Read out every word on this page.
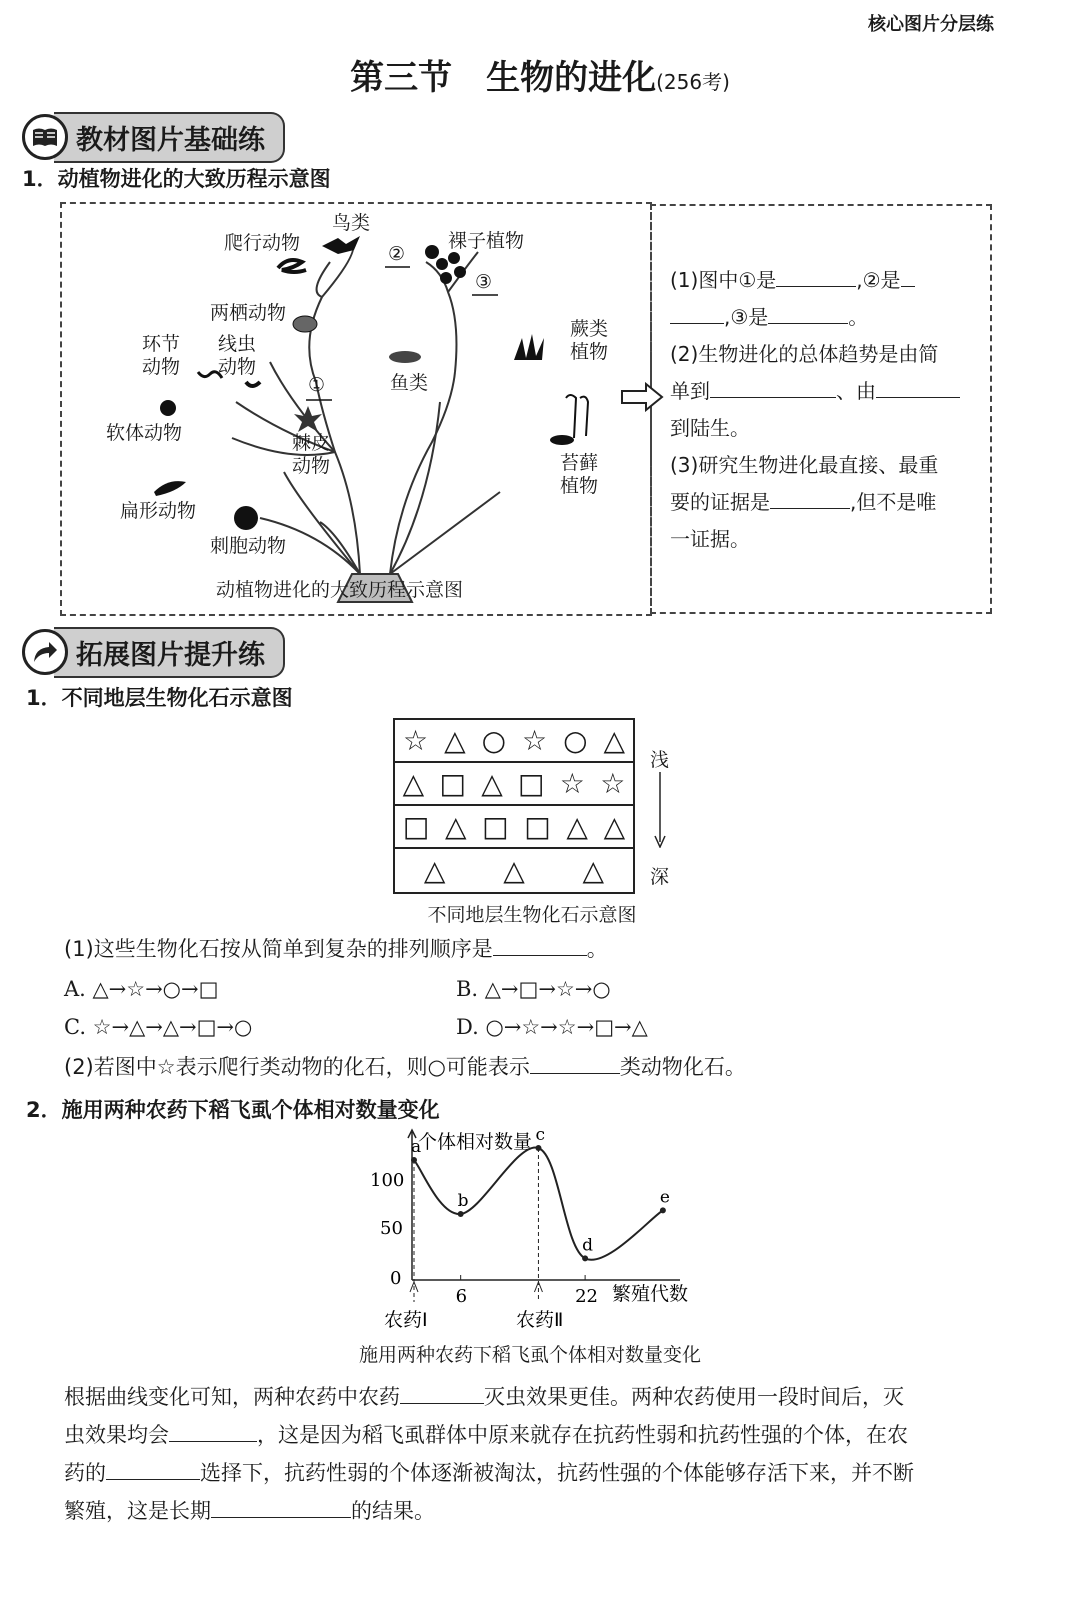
核心图片分层练
第三节　生物的进化(256考)
教材图片基础练
1．动植物进化的大致历程示意图
鸟类
爬行动物	裸子植物
②
③
两栖动物
环节
动物
线虫
动物
蕨类
植物
鱼类
①
软体动物	棘皮
动物	苔藓
植物
扁形动物
刺胞动物
动植物进化的大致历程示意图
(1)图中①是	,②是
,③是	。
(2)生物进化的总体趋势是由简
单到	、由
到陆生。
(3)研究生物进化最直接、最重
要的证据是	,但不是唯
一证据。
拓展图片提升练
1．不同地层生物化石示意图
☆ △ ○ ☆ ○ △
△ □ △ □ ☆ ☆
□ △ □ □ △ △
△ △ △
浅
深
不同地层生物化石示意图
(1)这些生物化石按从简单到复杂的排列顺序是	。
A. △→☆→○→□	B. △→□→☆→○
C. ☆→△→△→□→○	D. ○→☆→☆→□→△
(2)若图中☆表示爬行类动物的化石，则○可能表示	类动物化石。
2．施用两种农药下稻飞虱个体相对数量变化
个体相对数量
繁殖代数
100
50
0
a
b
c
d
e
6	22
农药Ⅰ	农药Ⅱ
施用两种农药下稻飞虱个体相对数量变化
根据曲线变化可知，两种农药中农药	灭虫效果更佳。两种农药使用一段时间后，灭
虫效果均会	，这是因为稻飞虱群体中原来就存在抗药性弱和抗药性强的个体，在农
药的	选择下，抗药性弱的个体逐渐被淘汰，抗药性强的个体能够存活下来，并不断
繁殖，这是长期	的结果。
